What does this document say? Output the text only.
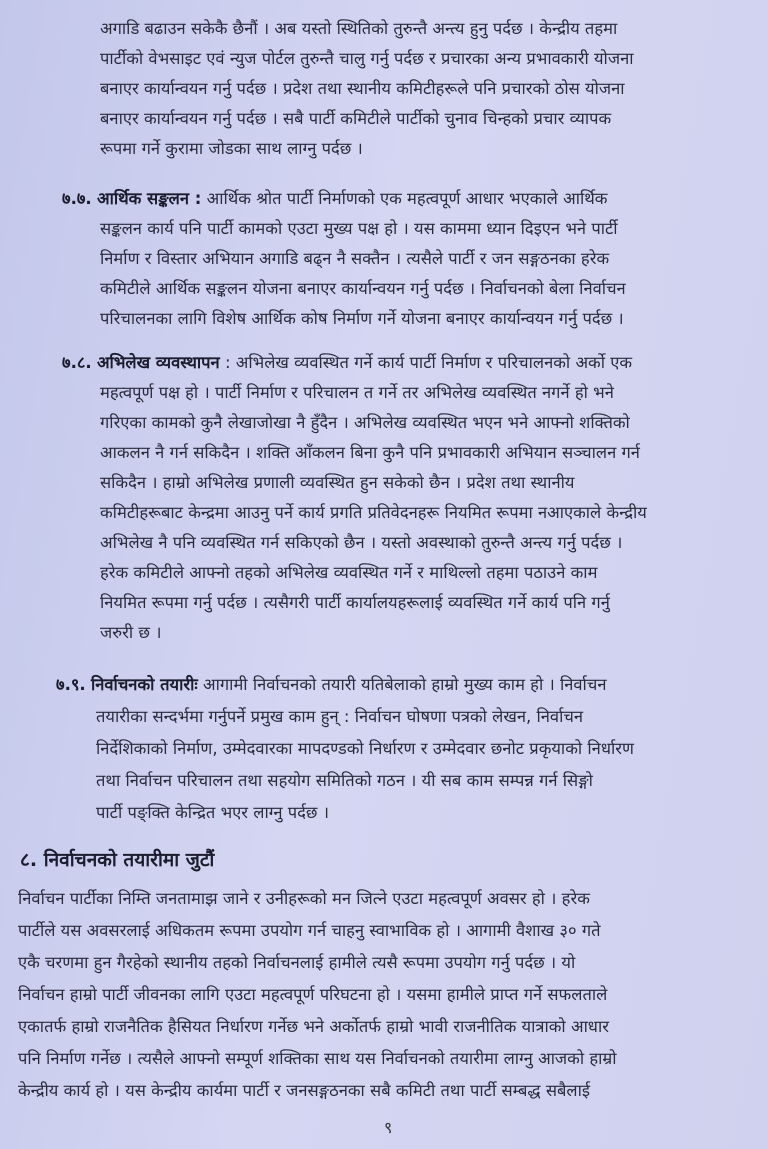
अगाडि बढाउन सकेकै छैनौं । अब यस्तो स्थितिको तुरुन्तै अन्त्य हुनु पर्दछ । केन्द्रीय तहमा
पार्टीको वेभसाइट एवं न्युज पोर्टल तुरुन्तै चालु गर्नु पर्दछ र प्रचारका अन्य प्रभावकारी योजना
बनाएर कार्यान्वयन गर्नु पर्दछ । प्रदेश तथा स्थानीय कमिटीहरूले पनि प्रचारको ठोस योजना
बनाएर कार्यान्वयन गर्नु पर्दछ । सबै पार्टी कमिटीले पार्टीको चुनाव चिन्हको प्रचार व्यापक
रूपमा गर्ने कुरामा जोडका साथ लाग्नु पर्दछ ।
७.७. आर्थिक सङ्कलन : आर्थिक श्रोत पार्टी निर्माणको एक महत्वपूर्ण आधार भएकाले आर्थिक
सङ्कलन कार्य पनि पार्टी कामको एउटा मुख्य पक्ष हो । यस काममा ध्यान दिइएन भने पार्टी
निर्माण र विस्तार अभियान अगाडि बढ्न नै सक्तैन । त्यसैले पार्टी र जन सङ्गठनका हरेक
कमिटीले आर्थिक सङ्कलन योजना बनाएर कार्यान्वयन गर्नु पर्दछ । निर्वाचनको बेला निर्वाचन
परिचालनका लागि विशेष आर्थिक कोष निर्माण गर्ने योजना बनाएर कार्यान्वयन गर्नु पर्दछ ।
७.८. अभिलेख व्यवस्थापन : अभिलेख व्यवस्थित गर्ने कार्य पार्टी निर्माण र परिचालनको अर्को एक
महत्वपूर्ण पक्ष हो । पार्टी निर्माण र परिचालन त गर्ने तर अभिलेख व्यवस्थित नगर्ने हो भने
गरिएका कामको कुनै लेखाजोखा नै हुँदैन । अभिलेख व्यवस्थित भएन भने आफ्नो शक्तिको
आकलन नै गर्न सकिदैन । शक्ति आँकलन बिना कुनै पनि प्रभावकारी अभियान सञ्चालन गर्न
सकिदैन । हाम्रो अभिलेख प्रणाली व्यवस्थित हुन सकेको छैन । प्रदेश तथा स्थानीय
कमिटीहरूबाट केन्द्रमा आउनु पर्ने कार्य प्रगति प्रतिवेदनहरू नियमित रूपमा नआएकाले केन्द्रीय
अभिलेख नै पनि व्यवस्थित गर्न सकिएको छैन । यस्तो अवस्थाको तुरुन्तै अन्त्य गर्नु पर्दछ ।
हरेक कमिटीले आफ्नो तहको अभिलेख व्यवस्थित गर्ने र माथिल्लो तहमा पठाउने काम
नियमित रूपमा गर्नु पर्दछ । त्यसैगरी पार्टी कार्यालयहरूलाई व्यवस्थित गर्ने कार्य पनि गर्नु
जरुरी छ ।
७.९. निर्वाचनको तयारीः आगामी निर्वाचनको तयारी यतिबेलाको हाम्रो मुख्य काम हो । निर्वाचन
तयारीका सन्दर्भमा गर्नुपर्ने प्रमुख काम हुन् : निर्वाचन घोषणा पत्रको लेखन, निर्वाचन
निर्देशिकाको निर्माण, उम्मेदवारका मापदण्डको निर्धारण र उम्मेदवार छनोट प्रकृयाको निर्धारण
तथा निर्वाचन परिचालन तथा सहयोग समितिको गठन । यी सब काम सम्पन्न गर्न सिङ्गो
पार्टी पङ्क्ति केन्द्रित भएर लाग्नु पर्दछ ।
८. निर्वाचनको तयारीमा जुटौं
निर्वाचन पार्टीका निम्ति जनतामाझ जाने र उनीहरूको मन जित्ने एउटा महत्वपूर्ण अवसर हो । हरेक
पार्टीले यस अवसरलाई अधिकतम रूपमा उपयोग गर्न चाहनु स्वाभाविक हो । आगामी वैशाख ३० गते
एकै चरणमा हुन गैरहेको स्थानीय तहको निर्वाचनलाई हामीले त्यसै रूपमा उपयोग गर्नु पर्दछ । यो
निर्वाचन हाम्रो पार्टी जीवनका लागि एउटा महत्वपूर्ण परिघटना हो । यसमा हामीले प्राप्त गर्ने सफलताले
एकातर्फ हाम्रो राजनैतिक हैसियत निर्धारण गर्नेछ भने अर्कोतर्फ हाम्रो भावी राजनीतिक यात्राको आधार
पनि निर्माण गर्नेछ । त्यसैले आफ्नो सम्पूर्ण शक्तिका साथ यस निर्वाचनको तयारीमा लाग्नु आजको हाम्रो
केन्द्रीय कार्य हो । यस केन्द्रीय कार्यमा पार्टी र जनसङ्गठनका सबै कमिटी तथा पार्टी सम्बद्ध सबैलाई
९
